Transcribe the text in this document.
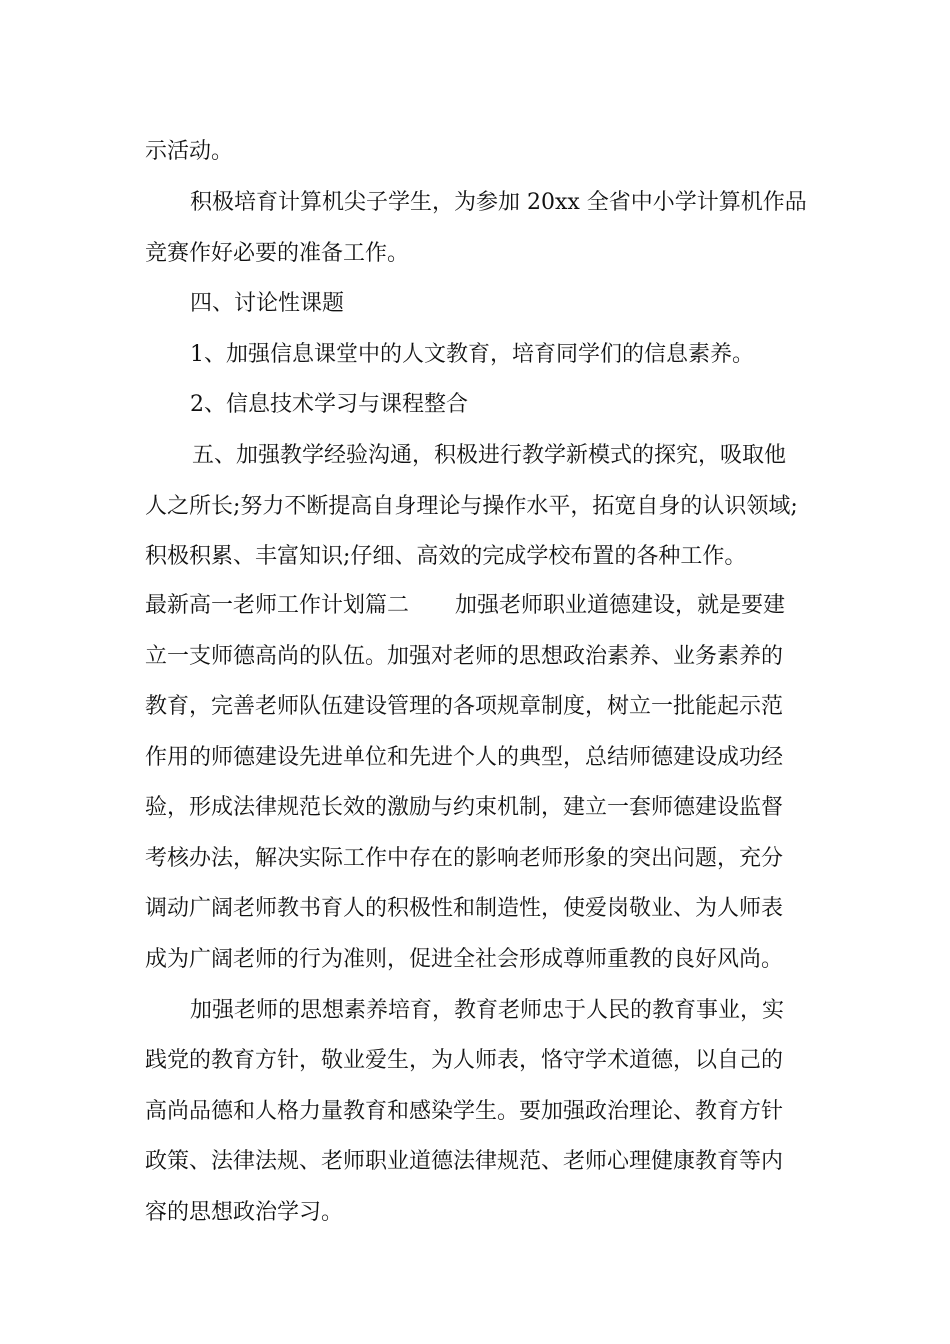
示活动。

积极培育计算机尖子学生，为参加 20xx 全省中小学计算机作品

竞赛作好必要的准备工作。

四、讨论性课题

1、加强信息课堂中的人文教育，培育同学们的信息素养。

2、信息技术学习与课程整合

五、加强教学经验沟通，积极进行教学新模式的探究，吸取他

人之所长;努力不断提高自身理论与操作水平，拓宽自身的认识领域;

积极积累、丰富知识;仔细、高效的完成学校布置的各种工作。

最新高一老师工作计划篇二 加强老师职业道德建设，就是要建

立一支师德高尚的队伍。加强对老师的思想政治素养、业务素养的

教育，完善老师队伍建设管理的各项规章制度，树立一批能起示范

作用的师德建设先进单位和先进个人的典型，总结师德建设成功经

验，形成法律规范长效的激励与约束机制，建立一套师德建设监督

考核办法，解决实际工作中存在的影响老师形象的突出问题，充分

调动广阔老师教书育人的积极性和制造性，使爱岗敬业、为人师表

成为广阔老师的行为准则，促进全社会形成尊师重教的良好风尚。

加强老师的思想素养培育，教育老师忠于人民的教育事业，实

践党的教育方针，敬业爱生，为人师表，恪守学术道德，以自己的

高尚品德和人格力量教育和感染学生。要加强政治理论、教育方针

政策、法律法规、老师职业道德法律规范、老师心理健康教育等内

容的思想政治学习。
